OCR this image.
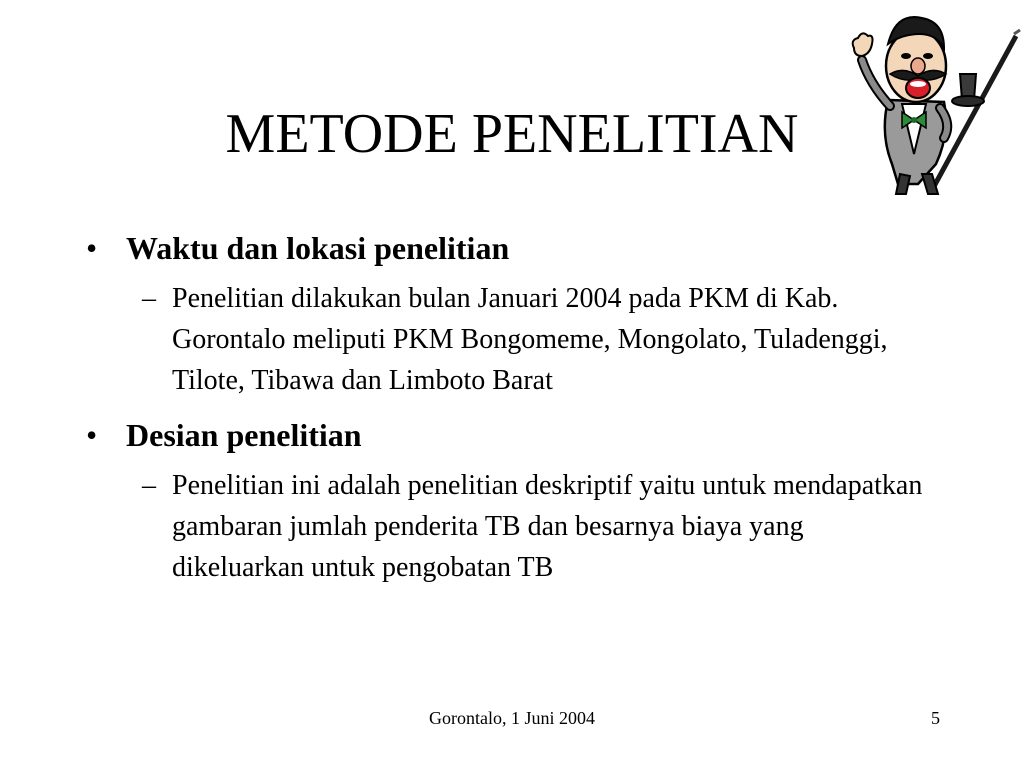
METODE PENELITIAN
• Waktu dan lokasi penelitian
– Penelitian dilakukan bulan Januari 2004 pada PKM di Kab. Gorontalo meliputi PKM Bongomeme, Mongolato, Tuladenggi, Tilote, Tibawa dan Limboto Barat
• Desian penelitian
– Penelitian ini adalah penelitian deskriptif yaitu untuk mendapatkan gambaran jumlah penderita TB dan besarnya biaya yang dikeluarkan untuk pengobatan TB
Gorontalo, 1 Juni 2004	5
